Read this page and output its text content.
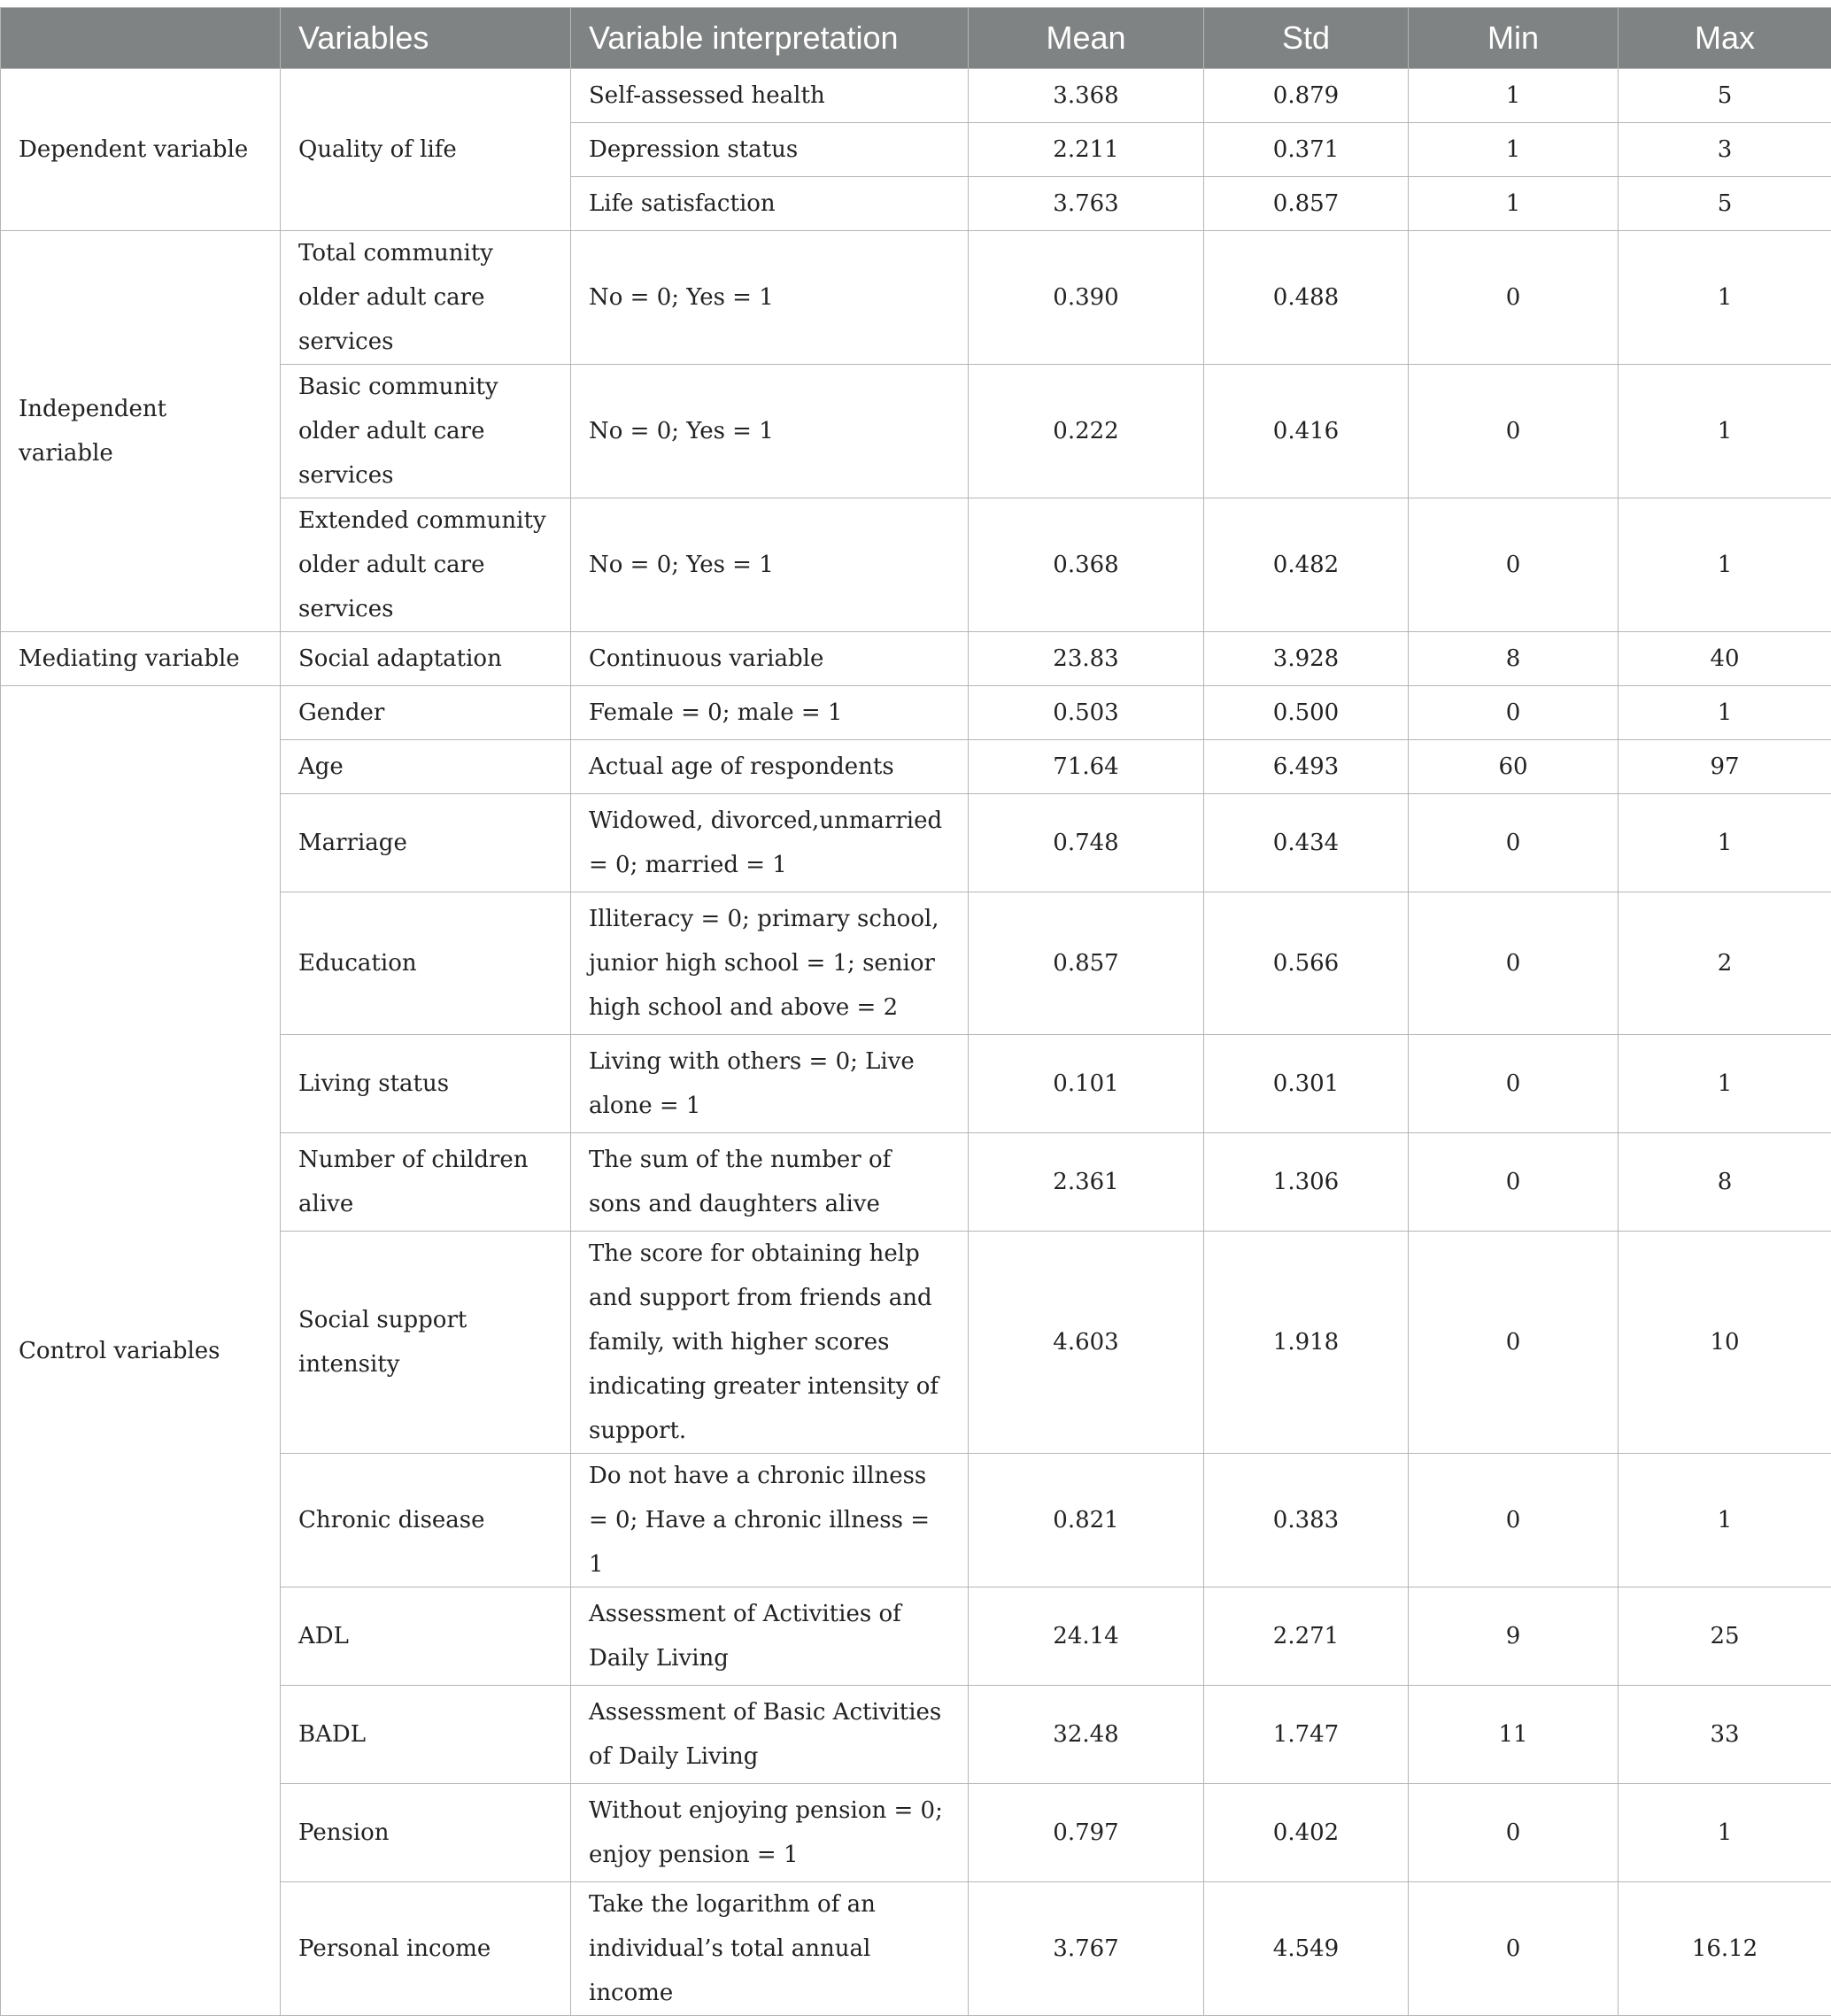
	Variables	Variable interpretation	Mean	Std	Min	Max
Dependent variable	Quality of life	Self-assessed health	3.368	0.879	1	5
		Depression status	2.211	0.371	1	3
		Life satisfaction	3.763	0.857	1	5
Independent variable	Total community older adult care services	No = 0; Yes = 1	0.390	0.488	0	1
	Basic community older adult care services	No = 0; Yes = 1	0.222	0.416	0	1
	Extended community older adult care services	No = 0; Yes = 1	0.368	0.482	0	1
Mediating variable	Social adaptation	Continuous variable	23.83	3.928	8	40
Control variables	Gender	Female = 0; male = 1	0.503	0.500	0	1
	Age	Actual age of respondents	71.64	6.493	60	97
	Marriage	Widowed, divorced,unmarried = 0; married = 1	0.748	0.434	0	1
	Education	Illiteracy = 0; primary school, junior high school = 1; senior high school and above = 2	0.857	0.566	0	2
	Living status	Living with others = 0; Live alone = 1	0.101	0.301	0	1
	Number of children alive	The sum of the number of sons and daughters alive	2.361	1.306	0	8
	Social support intensity	The score for obtaining help and support from friends and family, with higher scores indicating greater intensity of support.	4.603	1.918	0	10
	Chronic disease	Do not have a chronic illness = 0; Have a chronic illness = 1	0.821	0.383	0	1
	ADL	Assessment of Activities of Daily Living	24.14	2.271	9	25
	BADL	Assessment of Basic Activities of Daily Living	32.48	1.747	11	33
	Pension	Without enjoying pension = 0; enjoy pension = 1	0.797	0.402	0	1
	Personal income	Take the logarithm of an individual’s total annual income	3.767	4.549	0	16.12
